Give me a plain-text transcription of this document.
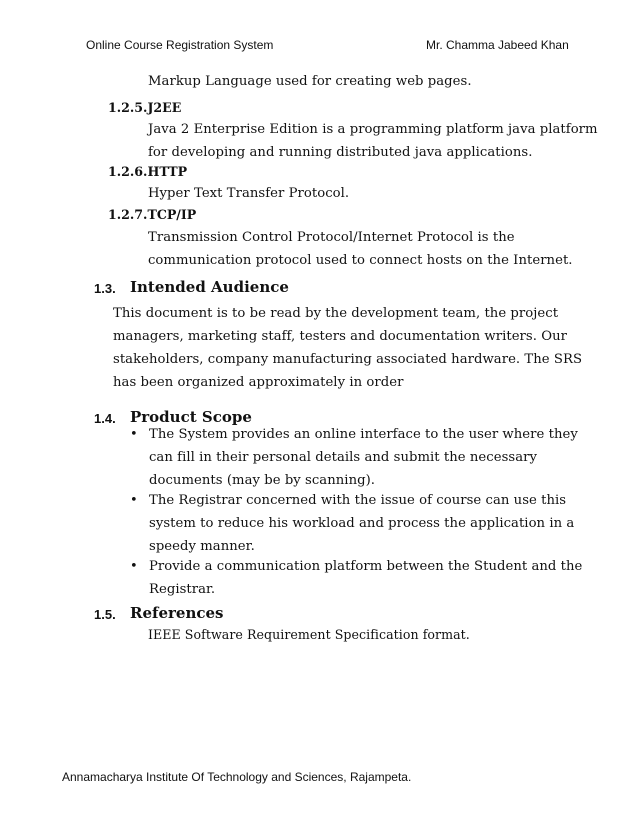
Online Course Registration System	Mr. Chamma Jabeed Khan
Markup Language used for creating web pages.
1.2.5.J2EE
Java 2 Enterprise Edition is a programming platform java platform
for developing and running distributed java applications.
1.2.6.HTTP
Hyper Text Transfer Protocol.
1.2.7.TCP/IP
Transmission Control Protocol/Internet Protocol is the
communication protocol used to connect hosts on the Internet.
1.3. Intended Audience
This document is to be read by the development team, the project
managers, marketing staff, testers and documentation writers. Our
stakeholders, company manufacturing associated hardware. The SRS
has been organized approximately in order
1.4. Product Scope
• The System provides an online interface to the user where they
can fill in their personal details and submit the necessary
documents (may be by scanning).
• The Registrar concerned with the issue of course can use this
system to reduce his workload and process the application in a
speedy manner.
• Provide a communication platform between the Student and the
Registrar.
1.5. References
IEEE Software Requirement Specification format.
Annamacharya Institute Of Technology and Sciences, Rajampeta.
